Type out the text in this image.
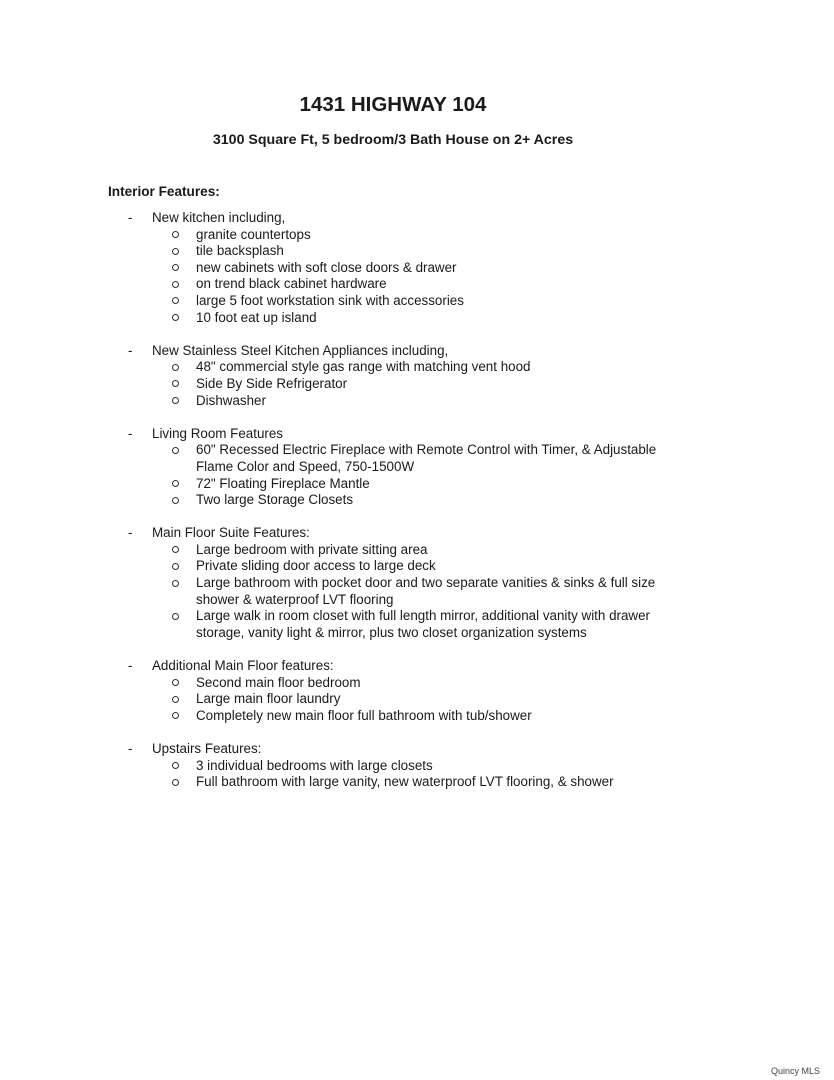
1431 HIGHWAY 104
3100 Square Ft, 5 bedroom/3 Bath House on 2+ Acres
Interior Features:
- New kitchen including,
granite countertops
tile backsplash
new cabinets with soft close doors & drawer
on trend black cabinet hardware
large 5 foot workstation sink with accessories
10 foot eat up island
- New Stainless Steel Kitchen Appliances including,
48" commercial style gas range with matching vent hood
Side By Side Refrigerator
Dishwasher
- Living Room Features
60" Recessed Electric Fireplace with Remote Control with Timer, & Adjustable Flame Color and Speed, 750-1500W
72" Floating Fireplace Mantle
Two large Storage Closets
- Main Floor Suite Features:
Large bedroom with private sitting area
Private sliding door access to large deck
Large bathroom with pocket door and two separate vanities & sinks & full size shower & waterproof LVT flooring
Large walk in room closet with full length mirror, additional vanity with drawer storage, vanity light & mirror, plus two closet organization systems
- Additional Main Floor features:
Second main floor bedroom
Large main floor laundry
Completely new main floor full bathroom with tub/shower
- Upstairs Features:
3 individual bedrooms with large closets
Full bathroom with large vanity, new waterproof LVT flooring, & shower
Quincy MLS
